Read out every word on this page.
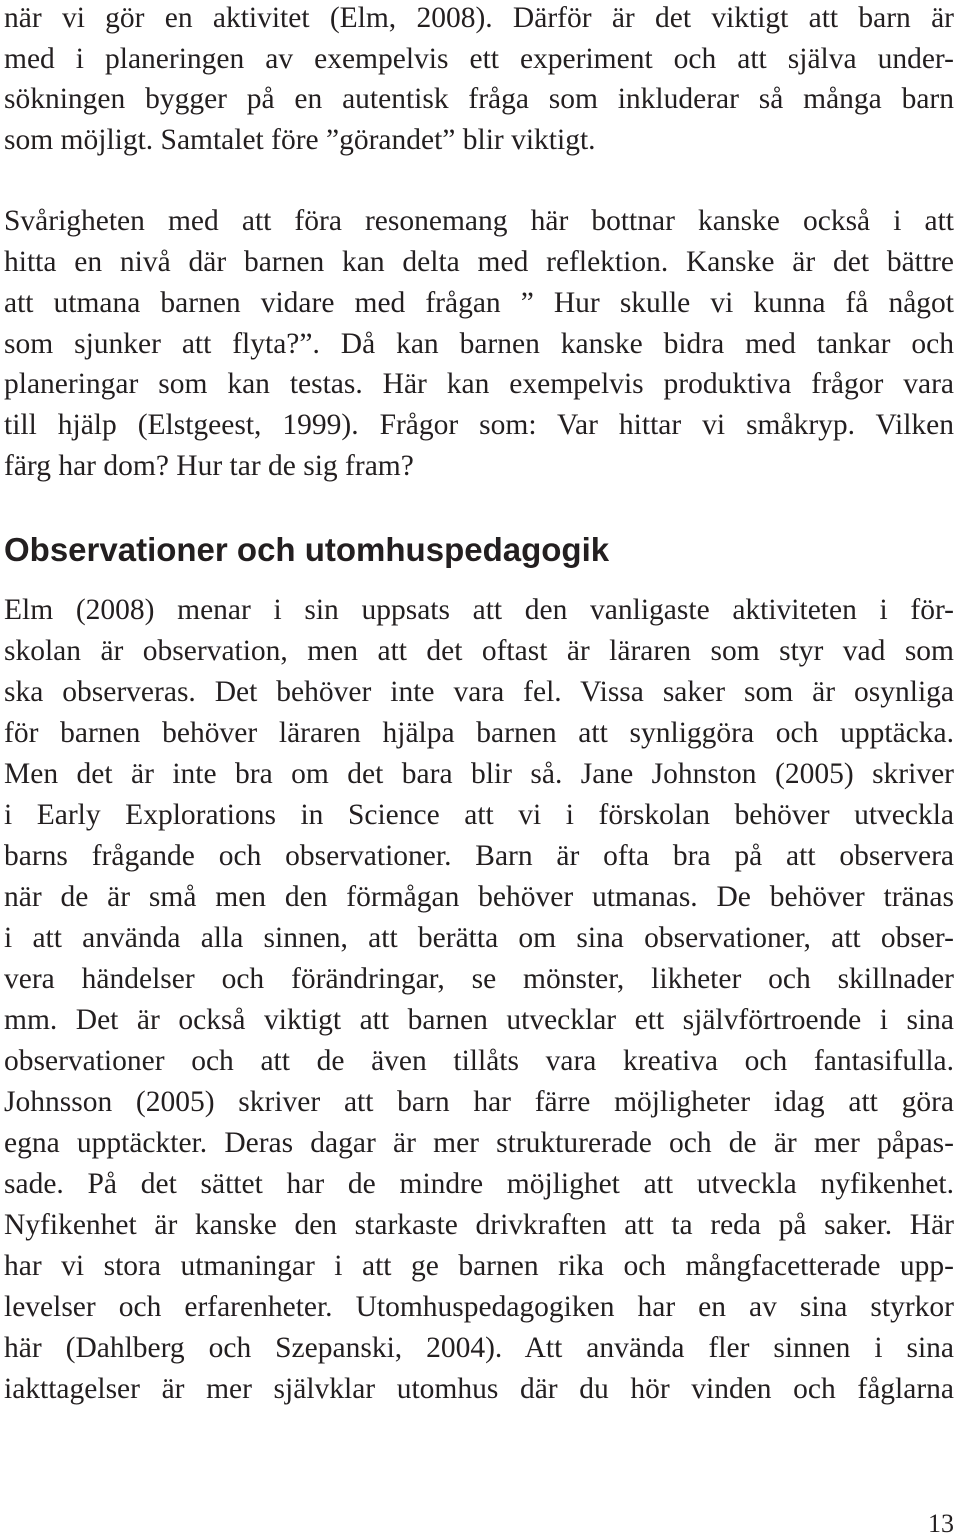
när vi gör en aktivitet (Elm, 2008). Därför är det viktigt att barn är
med i planeringen av exempelvis ett experiment och att själva under-
sökningen bygger på en autentisk fråga som inkluderar så många barn
som möjligt. Samtalet före ”görandet” blir viktigt.
Svårigheten med att föra resonemang här bottnar kanske också i att
hitta en nivå där barnen kan delta med reflektion. Kanske är det bättre
att utmana barnen vidare med frågan ” Hur skulle vi kunna få något
som sjunker att flyta?”. Då kan barnen kanske bidra med tankar och
planeringar som kan testas. Här kan exempelvis produktiva frågor vara
till hjälp (Elstgeest, 1999). Frågor som: Var hittar vi småkryp. Vilken
färg har dom? Hur tar de sig fram?
Observationer och utomhuspedagogik
Elm (2008) menar i sin uppsats att den vanligaste aktiviteten i för-
skolan är observation, men att det oftast är läraren som styr vad som
ska observeras. Det behöver inte vara fel. Vissa saker som är osynliga
för barnen behöver läraren hjälpa barnen att synliggöra och upptäcka.
Men det är inte bra om det bara blir så. Jane Johnston (2005) skriver
i Early Explorations in Science att vi i förskolan behöver utveckla
barns frågande och observationer. Barn är ofta bra på att observera
när de är små men den förmågan behöver utmanas. De behöver tränas
i att använda alla sinnen, att berätta om sina observationer, att obser-
vera händelser och förändringar, se mönster, likheter och skillnader
mm. Det är också viktigt att barnen utvecklar ett självförtroende i sina
observationer och att de även tillåts vara kreativa och fantasifulla.
Johnsson (2005) skriver att barn har färre möjligheter idag att göra
egna upptäckter. Deras dagar är mer strukturerade och de är mer påpas-
sade. På det sättet har de mindre möjlighet att utveckla nyfikenhet.
Nyfikenhet är kanske den starkaste drivkraften att ta reda på saker. Här
har vi stora utmaningar i att ge barnen rika och mångfacetterade upp-
levelser och erfarenheter. Utomhuspedagogiken har en av sina styrkor
här (Dahlberg och Szepanski, 2004). Att använda fler sinnen i sina
iakttagelser är mer självklar utomhus där du hör vinden och fåglarna
13
